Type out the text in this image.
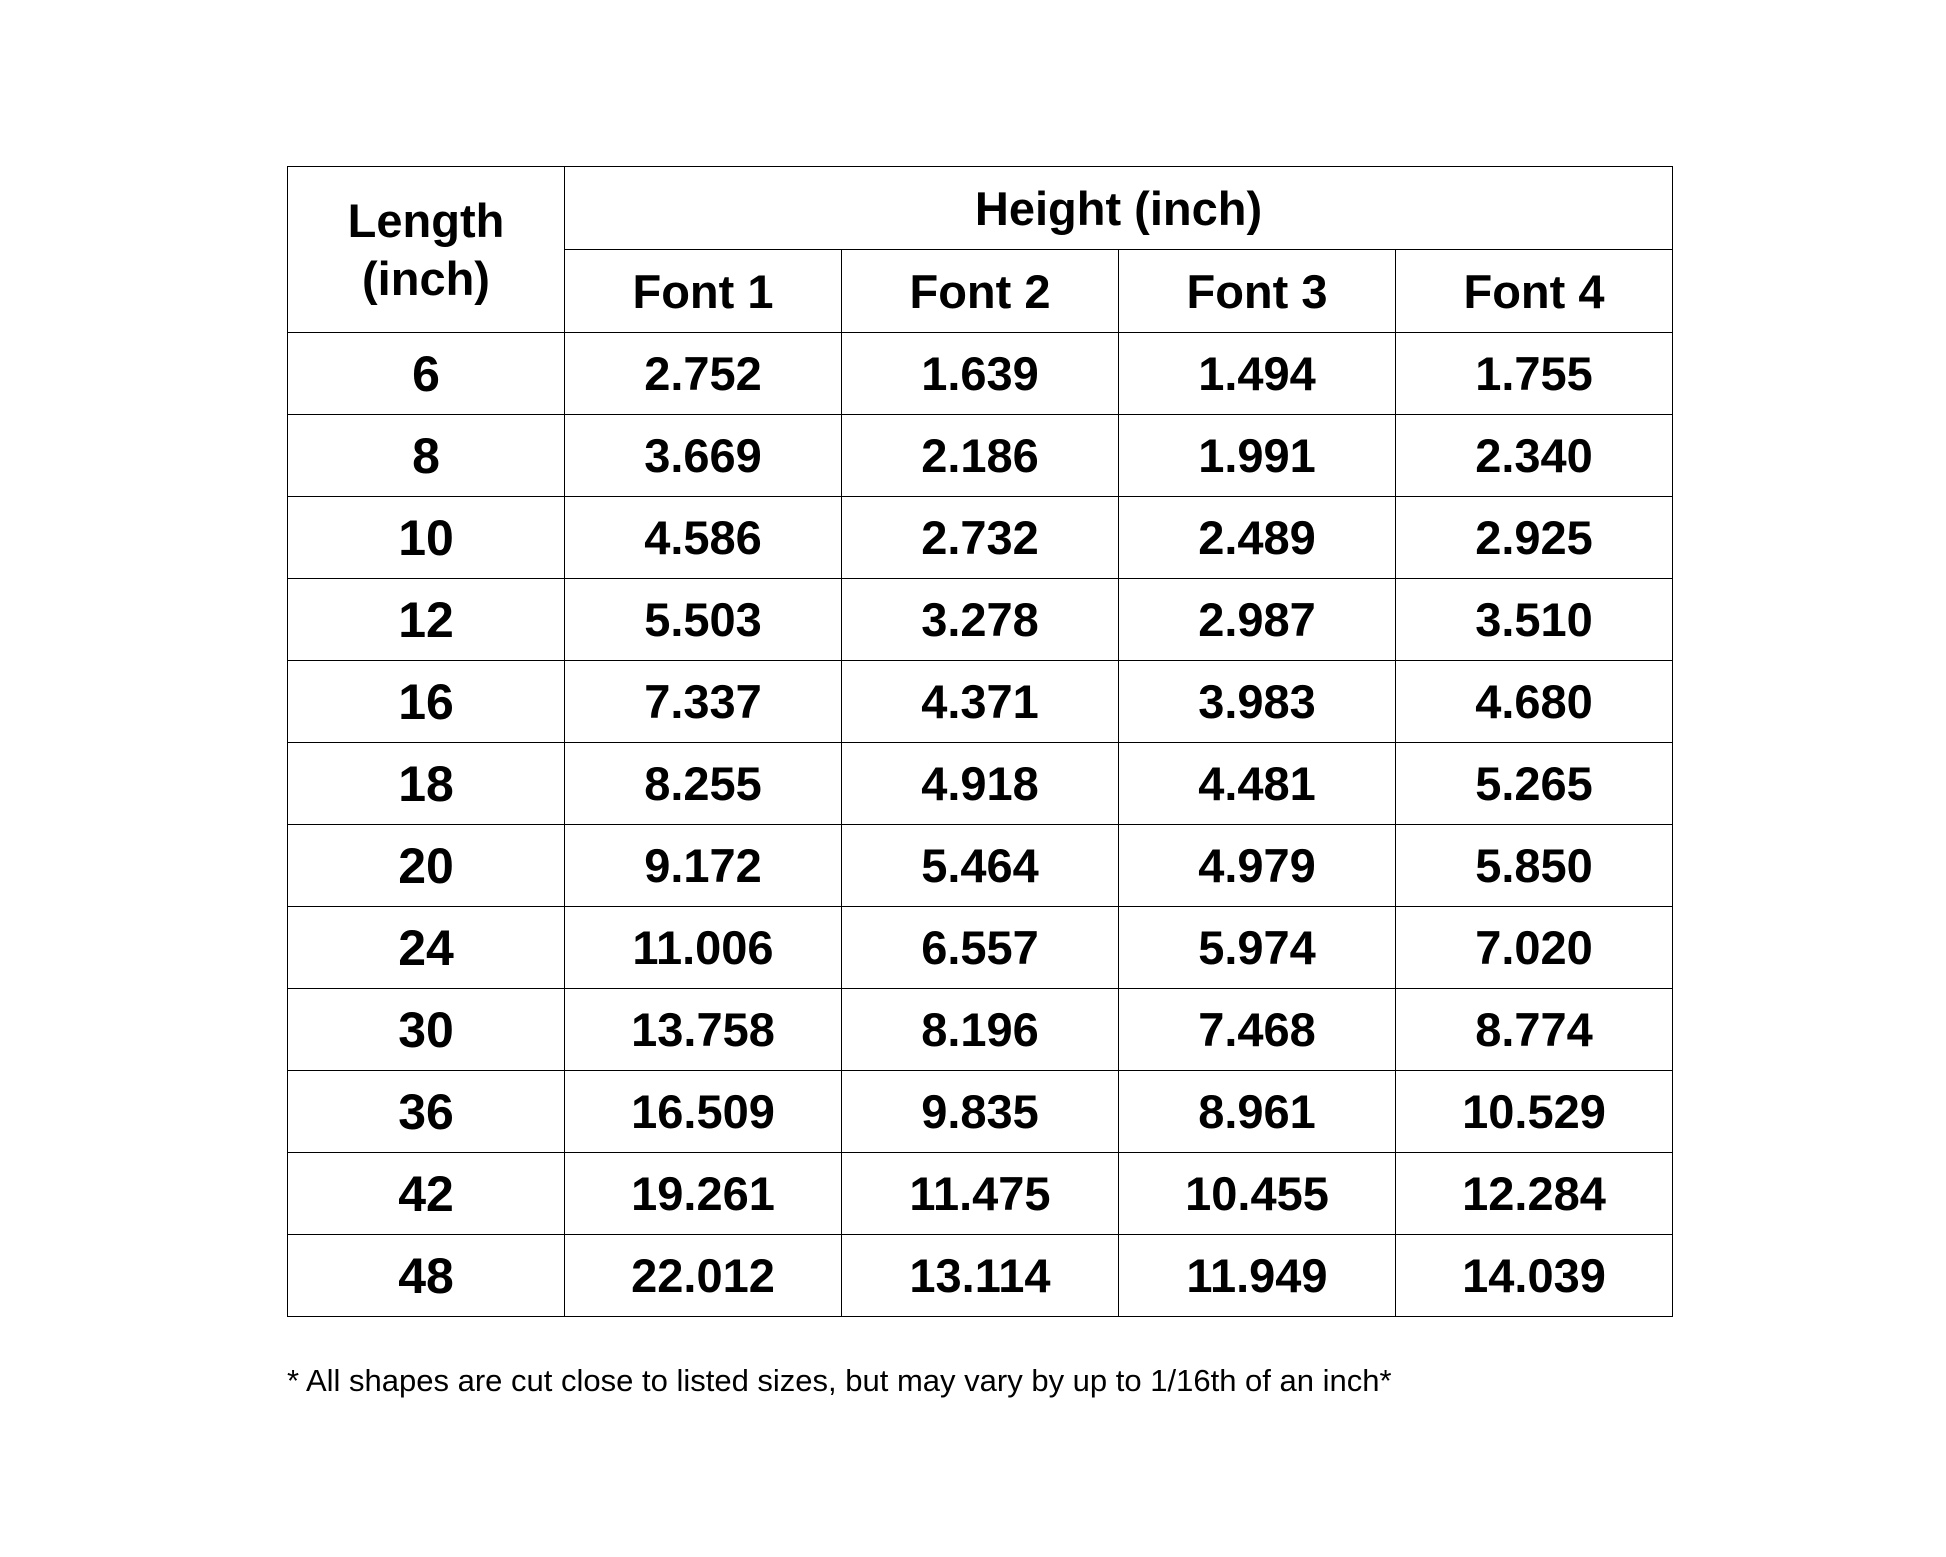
Length
(inch)	Height (inch)			
	Font 1	Font 2	Font 3	Font 4
6	2.752	1.639	1.494	1.755
8	3.669	2.186	1.991	2.340
10	4.586	2.732	2.489	2.925
12	5.503	3.278	2.987	3.510
16	7.337	4.371	3.983	4.680
18	8.255	4.918	4.481	5.265
20	9.172	5.464	4.979	5.850
24	11.006	6.557	5.974	7.020
30	13.758	8.196	7.468	8.774
36	16.509	9.835	8.961	10.529
42	19.261	11.475	10.455	12.284
48	22.012	13.114	11.949	14.039
* All shapes are cut close to listed sizes, but may vary by up to 1/16th of an inch*
